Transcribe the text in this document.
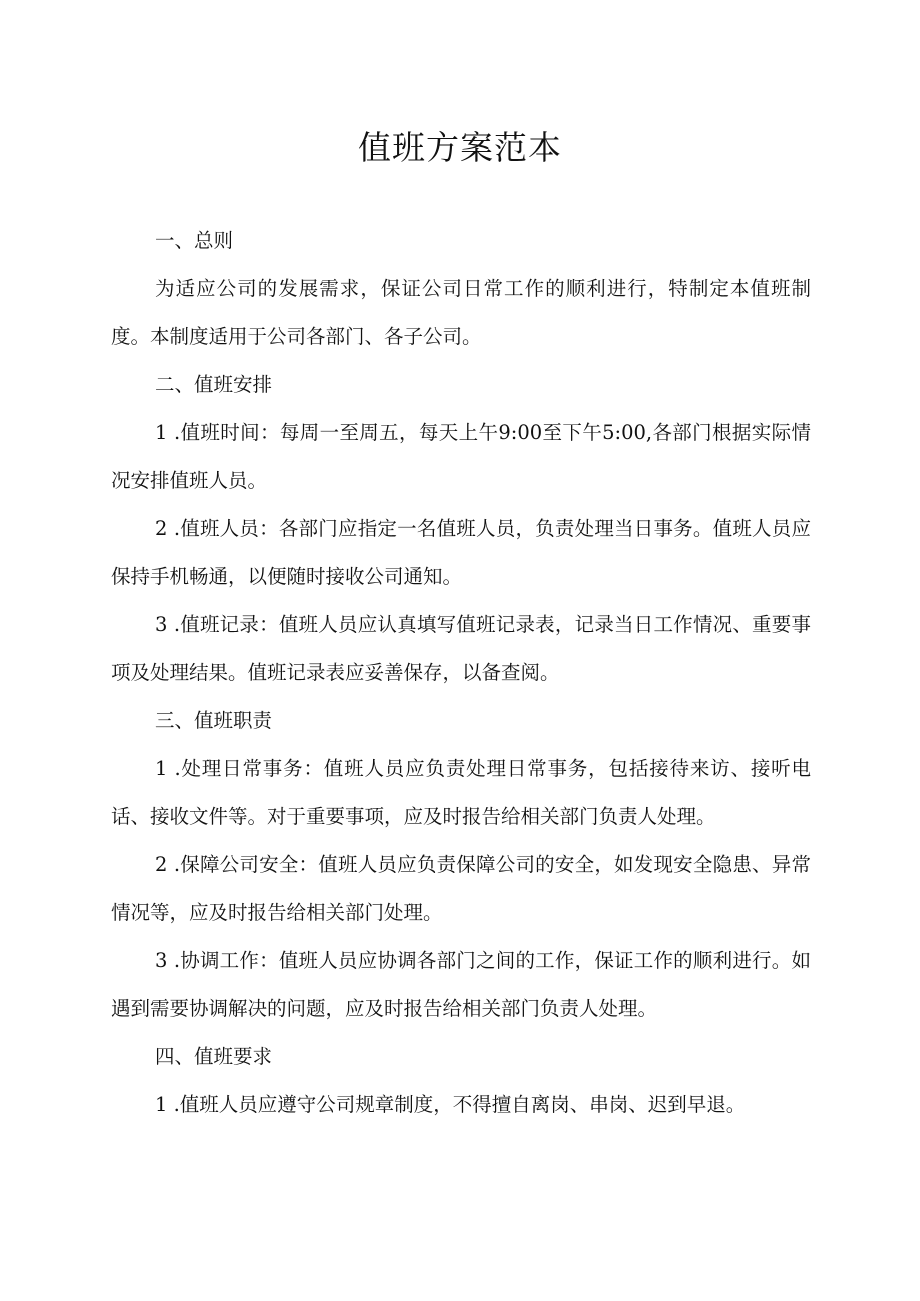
值班方案范本
一、总则

为适应公司的发展需求，保证公司日常工作的顺利进行，特制定本值班制度。本制度适用于公司各部门、各子公司。

二、值班安排

1 .值班时间：每周一至周五，每天上午9:00至下午5:00,各部门根据实际情况安排值班人员。

2 .值班人员：各部门应指定一名值班人员，负责处理当日事务。值班人员应保持手机畅通，以便随时接收公司通知。

3 .值班记录：值班人员应认真填写值班记录表，记录当日工作情况、重要事项及处理结果。值班记录表应妥善保存，以备查阅。

三、值班职责

1 .处理日常事务：值班人员应负责处理日常事务，包括接待来访、接听电话、接收文件等。对于重要事项，应及时报告给相关部门负责人处理。

2 .保障公司安全：值班人员应负责保障公司的安全，如发现安全隐患、异常情况等，应及时报告给相关部门处理。

3 .协调工作：值班人员应协调各部门之间的工作，保证工作的顺利进行。如遇到需要协调解决的问题，应及时报告给相关部门负责人处理。

四、值班要求

1 .值班人员应遵守公司规章制度，不得擅自离岗、串岗、迟到早退。
